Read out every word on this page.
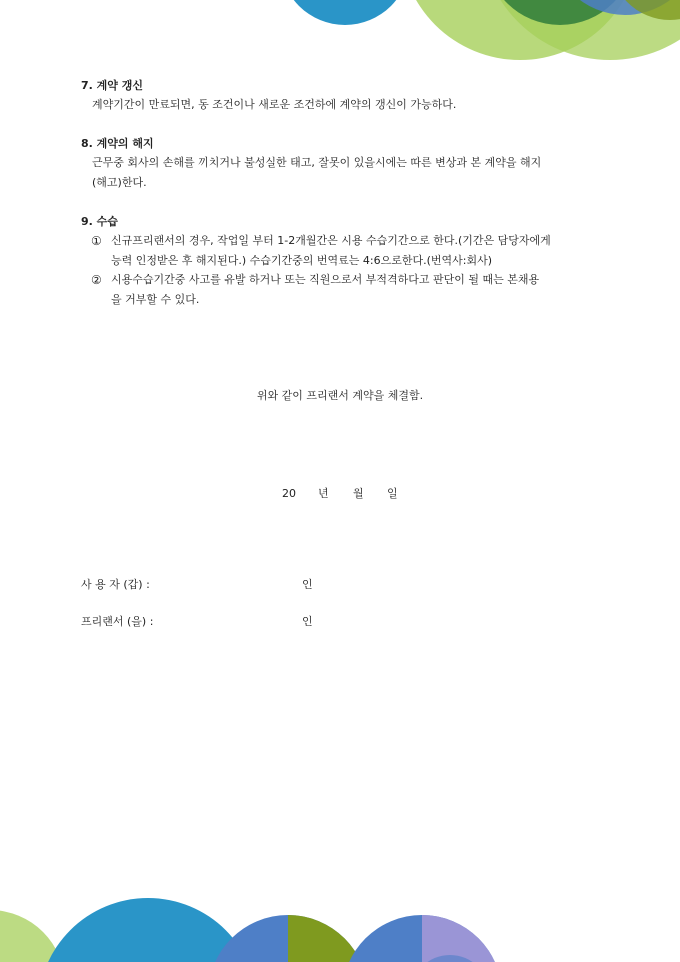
7. 계약 갱신
계약기간이 만료되면, 동 조건이나 새로운 조건하에 계약의 갱신이 가능하다.
8. 계약의 해지
근무중 회사의 손해를 끼치거나 불성실한 태고, 잘못이 있을시에는 따른 변상과 본 계약을 해지
(해고)한다.
9. 수습
① 신규프리랜서의 경우, 작업일 부터 1-2개월간은 시용 수습기간으로 한다.(기간은 담당자에게
능력 인정받은 후 해지된다.) 수습기간중의 번역료는 4:6으로한다.(번역사:회사)
② 시용수습기간중 사고를 유발 하거나 또는 직원으로서 부적격하다고 판단이 될 때는 본채용
을 거부할 수 있다.
위와 같이 프리랜서 계약을 체결함.
20 년 월 일
사 용 자 (갑) :	인
프리랜서 (을) :	인
